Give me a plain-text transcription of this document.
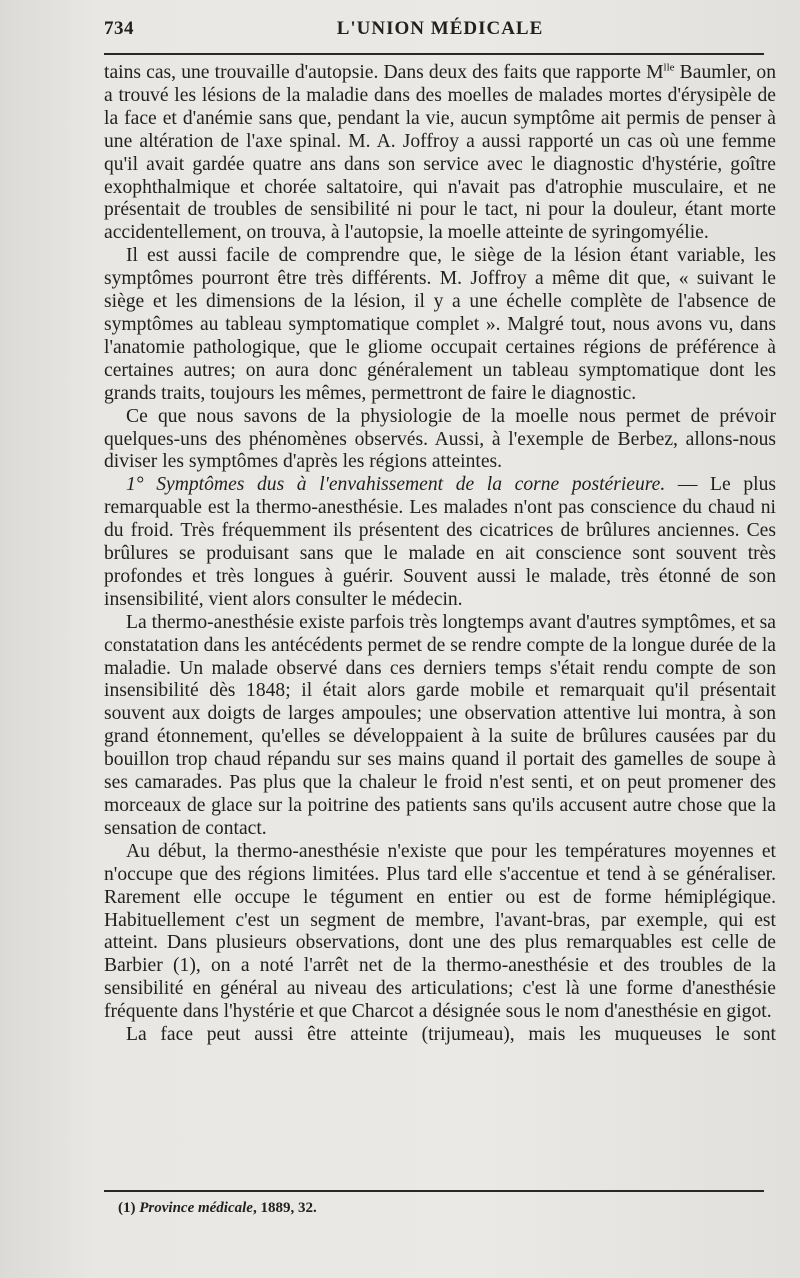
734	L'UNION MÉDICALE

tains cas, une trouvaille d'autopsie. Dans deux des faits que rapporte $M^{lle}$ Baumler, on a trouvé les lésions de la maladie dans des moelles de malades mortes d'érysipèle de la face et d'anémie sans que, pendant la vie, aucun symptôme ait permis de penser à une altération de l'axe spinal. M. A. Joffroy a aussi rapporté un cas où une femme qu'il avait gardée quatre ans dans son service avec le diagnostic d'hystérie, goître exophthalmique et chorée saltatoire, qui n'avait pas d'atrophie musculaire, et ne présentait de troubles de sensibilité ni pour le tact, ni pour la douleur, étant morte accidentellement, on trouva, à l'autopsie, la moelle atteinte de syringomyélie.

Il est aussi facile de comprendre que, le siège de la lésion étant variable, les symptômes pourront être très différents. M. Joffroy a même dit que, « suivant le siège et les dimensions de la lésion, il y a une échelle complète de l'absence de symptômes au tableau symptomatique complet ». Malgré tout, nous avons vu, dans l'anatomie pathologique, que le gliome occupait certaines régions de préférence à certaines autres; on aura donc généralement un tableau symptomatique dont les grands traits, toujours les mêmes, permettront de faire le diagnostic.

Ce que nous savons de la physiologie de la moelle nous permet de prévoir quelques-uns des phénomènes observés. Aussi, à l'exemple de Berbez, allons-nous diviser les symptômes d'après les régions atteintes.

1° Symptômes dus à l'envahissement de la corne postérieure. — Le plus remarquable est la thermo-anesthésie. Les malades n'ont pas conscience du chaud ni du froid. Très fréquemment ils présentent des cicatrices de brûlures anciennes. Ces brûlures se produisant sans que le malade en ait conscience sont souvent très profondes et très longues à guérir. Souvent aussi le malade, très étonné de son insensibilité, vient alors consulter le médecin.

La thermo-anesthésie existe parfois très longtemps avant d'autres symptômes, et sa constatation dans les antécédents permet de se rendre compte de la longue durée de la maladie. Un malade observé dans ces derniers temps s'était rendu compte de son insensibilité dès 1848; il était alors garde mobile et remarquait qu'il présentait souvent aux doigts de larges ampoules; une observation attentive lui montra, à son grand étonnement, qu'elles se développaient à la suite de brûlures causées par du bouillon trop chaud répandu sur ses mains quand il portait des gamelles de soupe à ses camarades. Pas plus que la chaleur le froid n'est senti, et on peut promener des morceaux de glace sur la poitrine des patients sans qu'ils accusent autre chose que la sensation de contact.

Au début, la thermo-anesthésie n'existe que pour les températures moyennes et n'occupe que des régions limitées. Plus tard elle s'accentue et tend à se généraliser. Rarement elle occupe le tégument en entier ou est de forme hémiplégique. Habituellement c'est un segment de membre, l'avant-bras, par exemple, qui est atteint. Dans plusieurs observations, dont une des plus remarquables est celle de Barbier (1), on a noté l'arrêt net de la thermo-anesthésie et des troubles de la sensibilité en général au niveau des articulations; c'est là une forme d'anesthésie fréquente dans l'hystérie et que Charcot a désignée sous le nom d'anesthésie en gigot.

La face peut aussi être atteinte (trijumeau), mais les muqueuses le sont

(1) Province médicale, 1889, 32.
